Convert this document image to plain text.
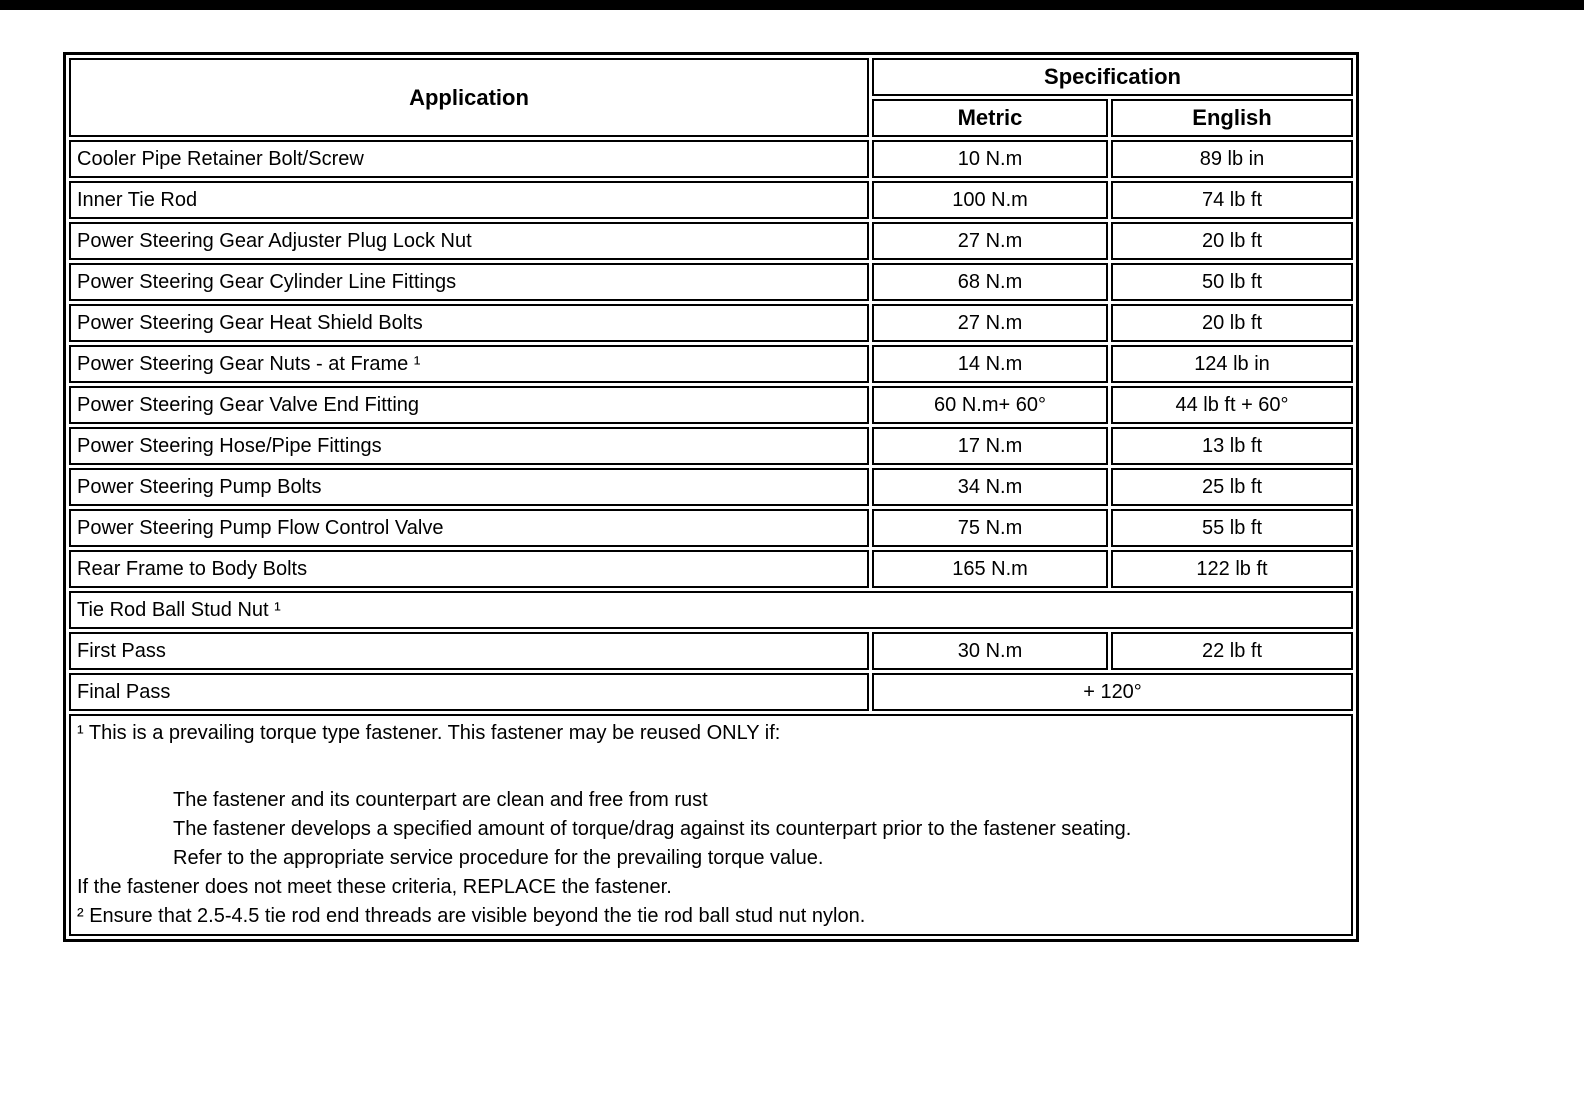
Application	Specification	
	Metric	English
Cooler Pipe Retainer Bolt/Screw	10 N.m	89 lb in
Inner Tie Rod	100 N.m	74 lb ft
Power Steering Gear Adjuster Plug Lock Nut	27 N.m	20 lb ft
Power Steering Gear Cylinder Line Fittings	68 N.m	50 lb ft
Power Steering Gear Heat Shield Bolts	27 N.m	20 lb ft
Power Steering Gear Nuts - at Frame ¹	14 N.m	124 lb in
Power Steering Gear Valve End Fitting	60 N.m+ 60°	44 lb ft + 60°
Power Steering Hose/Pipe Fittings	17 N.m	13 lb ft
Power Steering Pump Bolts	34 N.m	25 lb ft
Power Steering Pump Flow Control Valve	75 N.m	55 lb ft
Rear Frame to Body Bolts	165 N.m	122 lb ft
Tie Rod Ball Stud Nut ¹		
First Pass	30 N.m	22 lb ft
Final Pass	+ 120°	

¹ This is a prevailing torque type fastener. This fastener may be reused ONLY if:

The fastener and its counterpart are clean and free from rust
The fastener develops a specified amount of torque/drag against its counterpart prior to the fastener seating.
Refer to the appropriate service procedure for the prevailing torque value.

If the fastener does not meet these criteria, REPLACE the fastener.

² Ensure that 2.5-4.5 tie rod end threads are visible beyond the tie rod ball stud nut nylon.
